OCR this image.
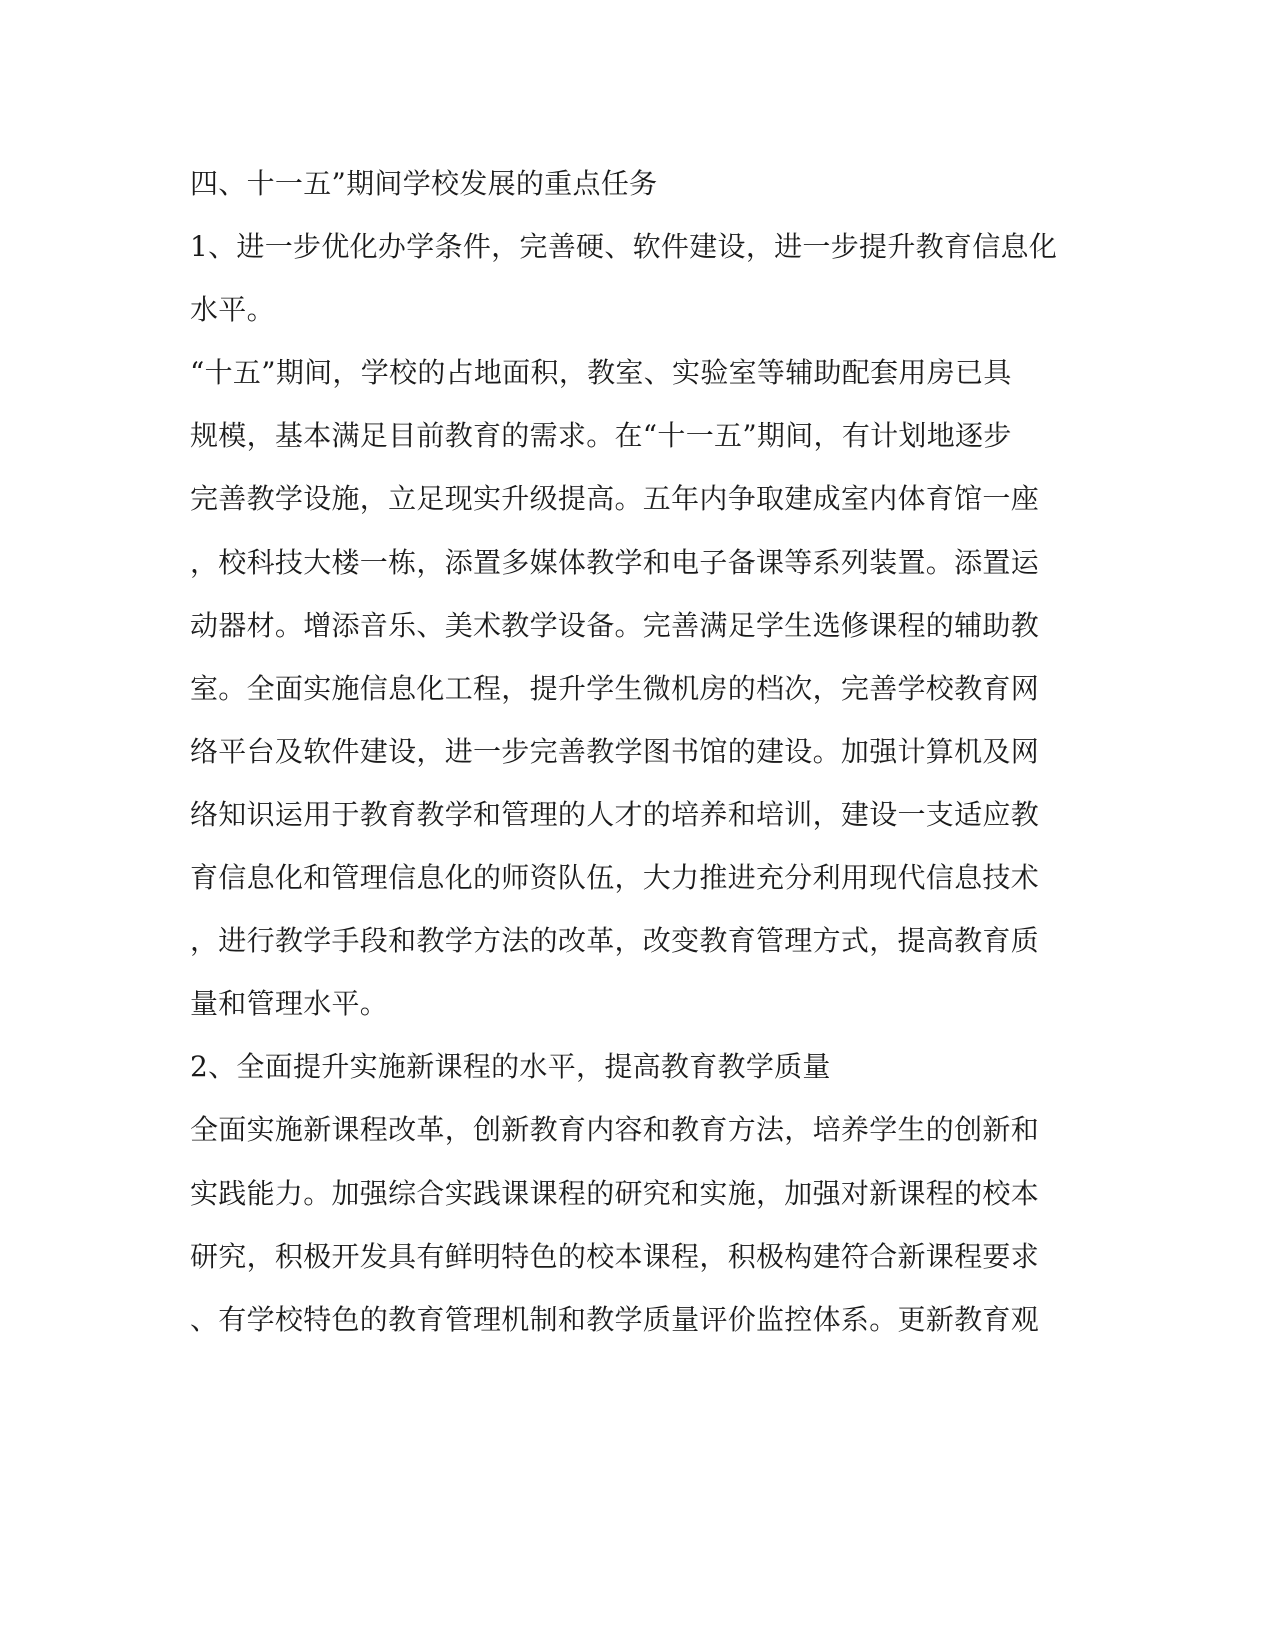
四、十一五”期间学校发展的重点任务
1、进一步优化办学条件，完善硬、软件建设，进一步提升教育信息化
水平。
“十五”期间，学校的占地面积，教室、实验室等辅助配套用房已具
规模，基本满足目前教育的需求。在“十一五”期间，有计划地逐步
完善教学设施，立足现实升级提高。五年内争取建成室内体育馆一座
，校科技大楼一栋，添置多媒体教学和电子备课等系列装置。添置运
动器材。增添音乐、美术教学设备。完善满足学生选修课程的辅助教
室。全面实施信息化工程，提升学生微机房的档次，完善学校教育网
络平台及软件建设，进一步完善教学图书馆的建设。加强计算机及网
络知识运用于教育教学和管理的人才的培养和培训，建设一支适应教
育信息化和管理信息化的师资队伍，大力推进充分利用现代信息技术
，进行教学手段和教学方法的改革，改变教育管理方式，提高教育质
量和管理水平。
2、全面提升实施新课程的水平，提高教育教学质量
全面实施新课程改革，创新教育内容和教育方法，培养学生的创新和
实践能力。加强综合实践课课程的研究和实施，加强对新课程的校本
研究，积极开发具有鲜明特色的校本课程，积极构建符合新课程要求
、有学校特色的教育管理机制和教学质量评价监控体系。更新教育观
